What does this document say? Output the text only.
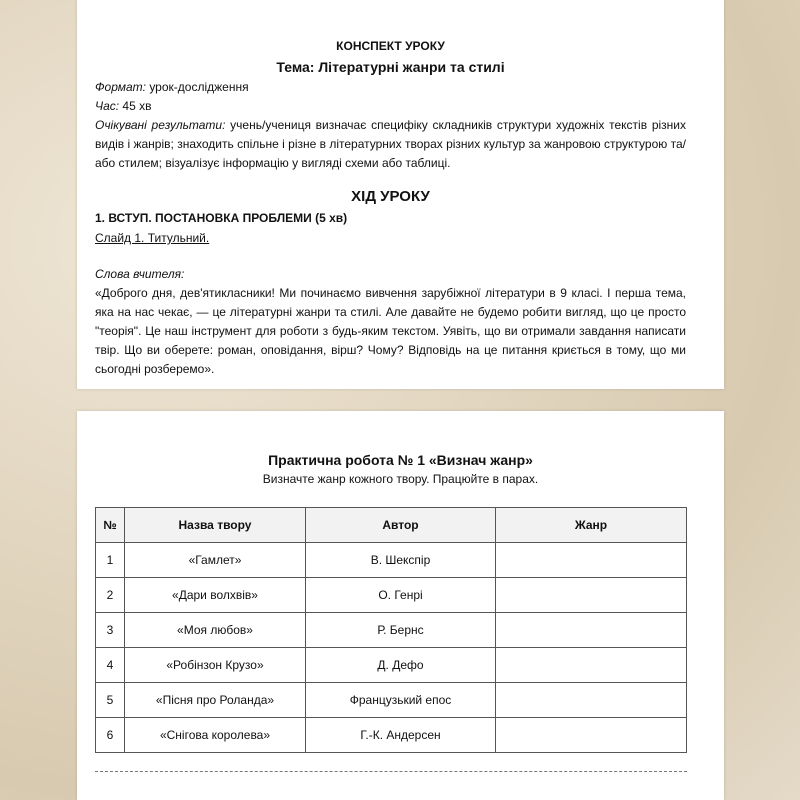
КОНСПЕКТ УРОКУ
Тема: Літературні жанри та стилі
Формат: урок-дослідження
Час: 45 хв
Очікувані результати: учень/учениця визначає специфіку складників структури художніх текстів різних видів і жанрів; знаходить спільне і різне в літературних творах різних культур за жанровою структурою та/або стилем; візуалізує інформацію у вигляді схеми або таблиці.
ХІД УРОКУ
1. ВСТУП. ПОСТАНОВКА ПРОБЛЕМИ (5 хв)
Слайд 1. Титульний.
Слова вчителя:
«Доброго дня, дев'ятикласники! Ми починаємо вивчення зарубіжної літератури в 9 класі. І перша тема, яка на нас чекає, — це літературні жанри та стилі. Але давайте не будемо робити вигляд, що це просто "теорія". Це наш інструмент для роботи з будь-яким текстом. Уявіть, що ви отримали завдання написати твір. Що ви оберете: роман, оповідання, вірш? Чому? Відповідь на це питання криється в тому, що ми сьогодні розберемо».
Практична робота № 1 «Визнач жанр»
Визначте жанр кожного твору. Працюйте в парах.
№	Назва твору	Автор	Жанр
1	«Гамлет»	В. Шекспір	
2	«Дари волхвів»	О. Генрі	
3	«Моя любов»	Р. Бернс	
4	«Робінзон Крузо»	Д. Дефо	
5	«Пісня про Роланда»	Французький епос	
6	«Снігова королева»	Г.-К. Андерсен	
